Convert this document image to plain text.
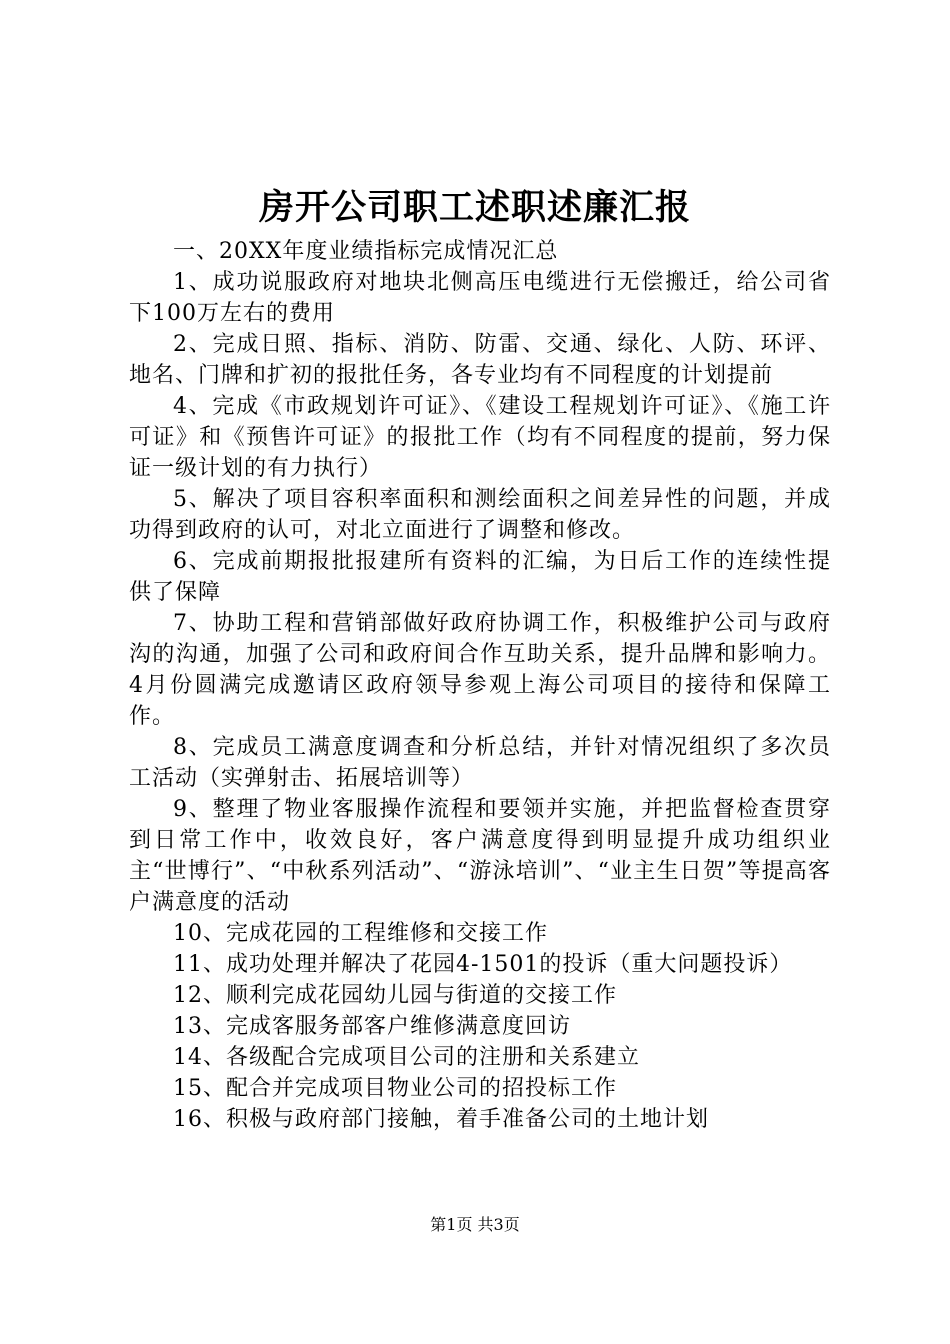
房开公司职工述职述廉汇报

一、20XX年度业绩指标完成情况汇总

1、成功说服政府对地块北侧高压电缆进行无偿搬迁，给公司省下100万左右的费用

2、完成日照、指标、消防、防雷、交通、绿化、人防、环评、地名、门牌和扩初的报批任务，各专业均有不同程度的计划提前

4、完成《市政规划许可证》、《建设工程规划许可证》、《施工许可证》和《预售许可证》的报批工作（均有不同程度的提前，努力保证一级计划的有力执行）

5、解决了项目容积率面积和测绘面积之间差异性的问题，并成功得到政府的认可，对北立面进行了调整和修改。

6、完成前期报批报建所有资料的汇编，为日后工作的连续性提供了保障

7、协助工程和营销部做好政府协调工作，积极维护公司与政府沟的沟通，加强了公司和政府间合作互助关系，提升品牌和影响力。4月份圆满完成邀请区政府领导参观上海公司项目的接待和保障工作。

8、完成员工满意度调查和分析总结，并针对情况组织了多次员工活动（实弹射击、拓展培训等）

9、整理了物业客服操作流程和要领并实施，并把监督检查贯穿到日常工作中，收效良好，客户满意度得到明显提升成功组织业主“世博行”、“中秋系列活动”、“游泳培训”、“业主生日贺”等提高客户满意度的活动

10、完成花园的工程维修和交接工作

11、成功处理并解决了花园4-1501的投诉（重大问题投诉）

12、顺利完成花园幼儿园与街道的交接工作

13、完成客服务部客户维修满意度回访

14、各级配合完成项目公司的注册和关系建立

15、配合并完成项目物业公司的招投标工作

16、积极与政府部门接触，着手准备公司的土地计划

第1页 共3页
